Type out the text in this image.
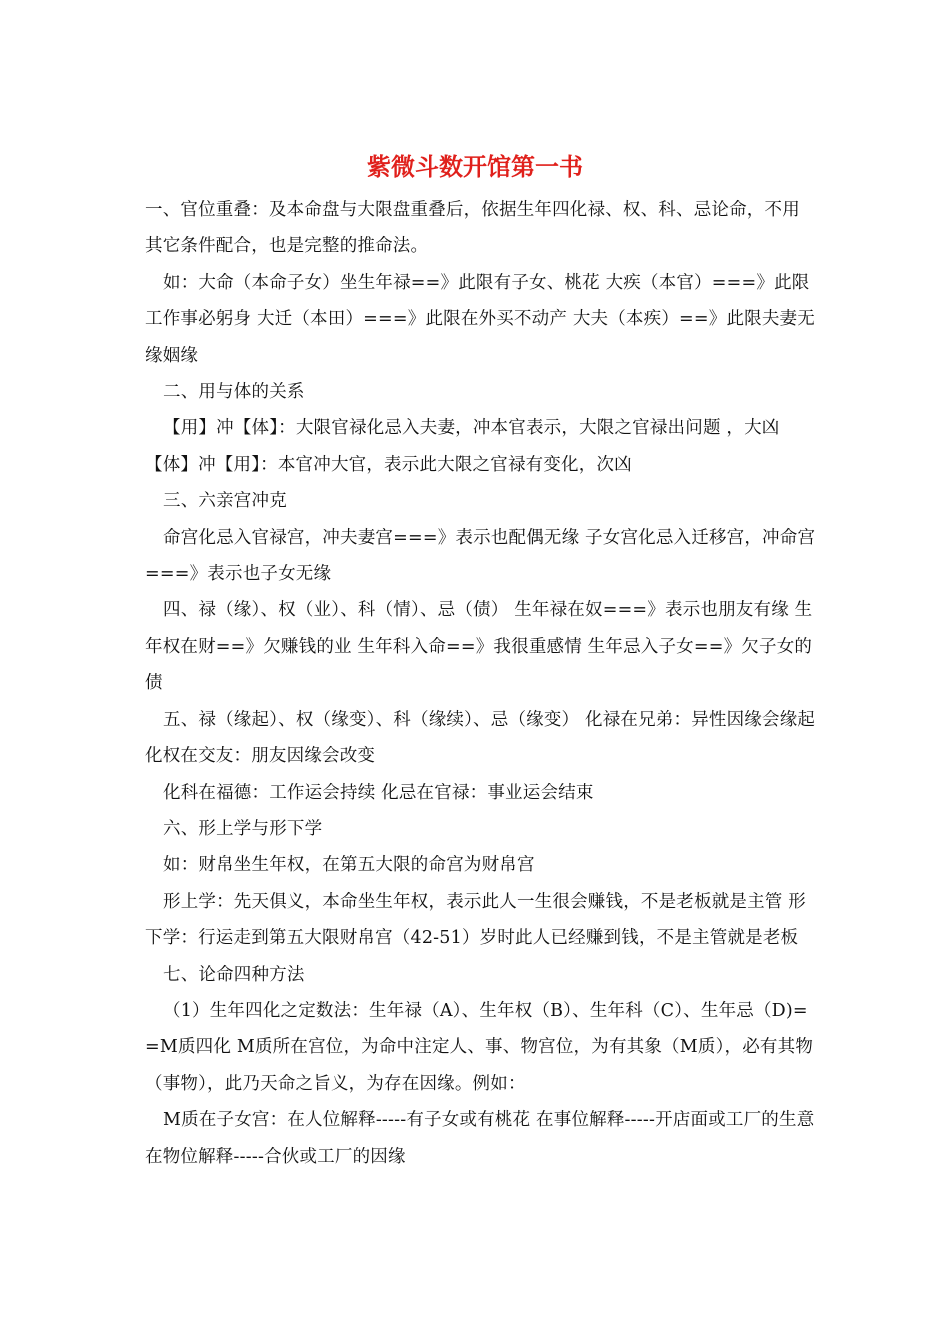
紫微斗数开馆第一书

一、官位重叠：及本命盘与大限盘重叠后，依据生年四化禄、权、科、忌论命，不用其它条件配合，也是完整的推命法。

如：大命（本命子女）坐生年禄==》此限有子女、桃花 大疾（本官）===》此限工作事必躬身 大迁（本田）===》此限在外买不动产 大夫（本疾）==》此限夫妻无缘姻缘

二、用与体的关系

【用】冲【体】：大限官禄化忌入夫妻，冲本官表示，大限之官禄出问题 ，大凶 【体】冲【用】：本官冲大官，表示此大限之官禄有变化，次凶

三、六亲宫冲克

命宫化忌入官禄宫，冲夫妻宫===》表示也配偶无缘 子女宫化忌入迁移宫，冲命宫===》表示也子女无缘

四、禄（缘）、权（业）、科（情）、忌（债） 生年禄在奴===》表示也朋友有缘 生年权在财==》欠赚钱的业 生年科入命==》我很重感情 生年忌入子女==》欠子女的债

五、禄（缘起）、权（缘变）、科（缘续）、忌（缘变） 化禄在兄弟：异性因缘会缘起 化权在交友：朋友因缘会改变

化科在福德：工作运会持续 化忌在官禄：事业运会结束

六、形上学与形下学

如：财帛坐生年权，在第五大限的命宫为财帛宫

形上学：先天俱义，本命坐生年权，表示此人一生很会赚钱，不是老板就是主管 形下学：行运走到第五大限财帛宫（42-51）岁时此人已经赚到钱，不是主管就是老板

七、论命四种方法

（1）生年四化之定数法：生年禄（A）、生年权（B）、生年科（C）、生年忌（D)==M质四化 M质所在宫位，为命中注定人、事、物宫位，为有其象（M质），必有其物（事物），此乃天命之旨义，为存在因缘。例如：

M质在子女宫：在人位解释-----有子女或有桃花 在事位解释-----开店面或工厂的生意 在物位解释-----合伙或工厂的因缘
